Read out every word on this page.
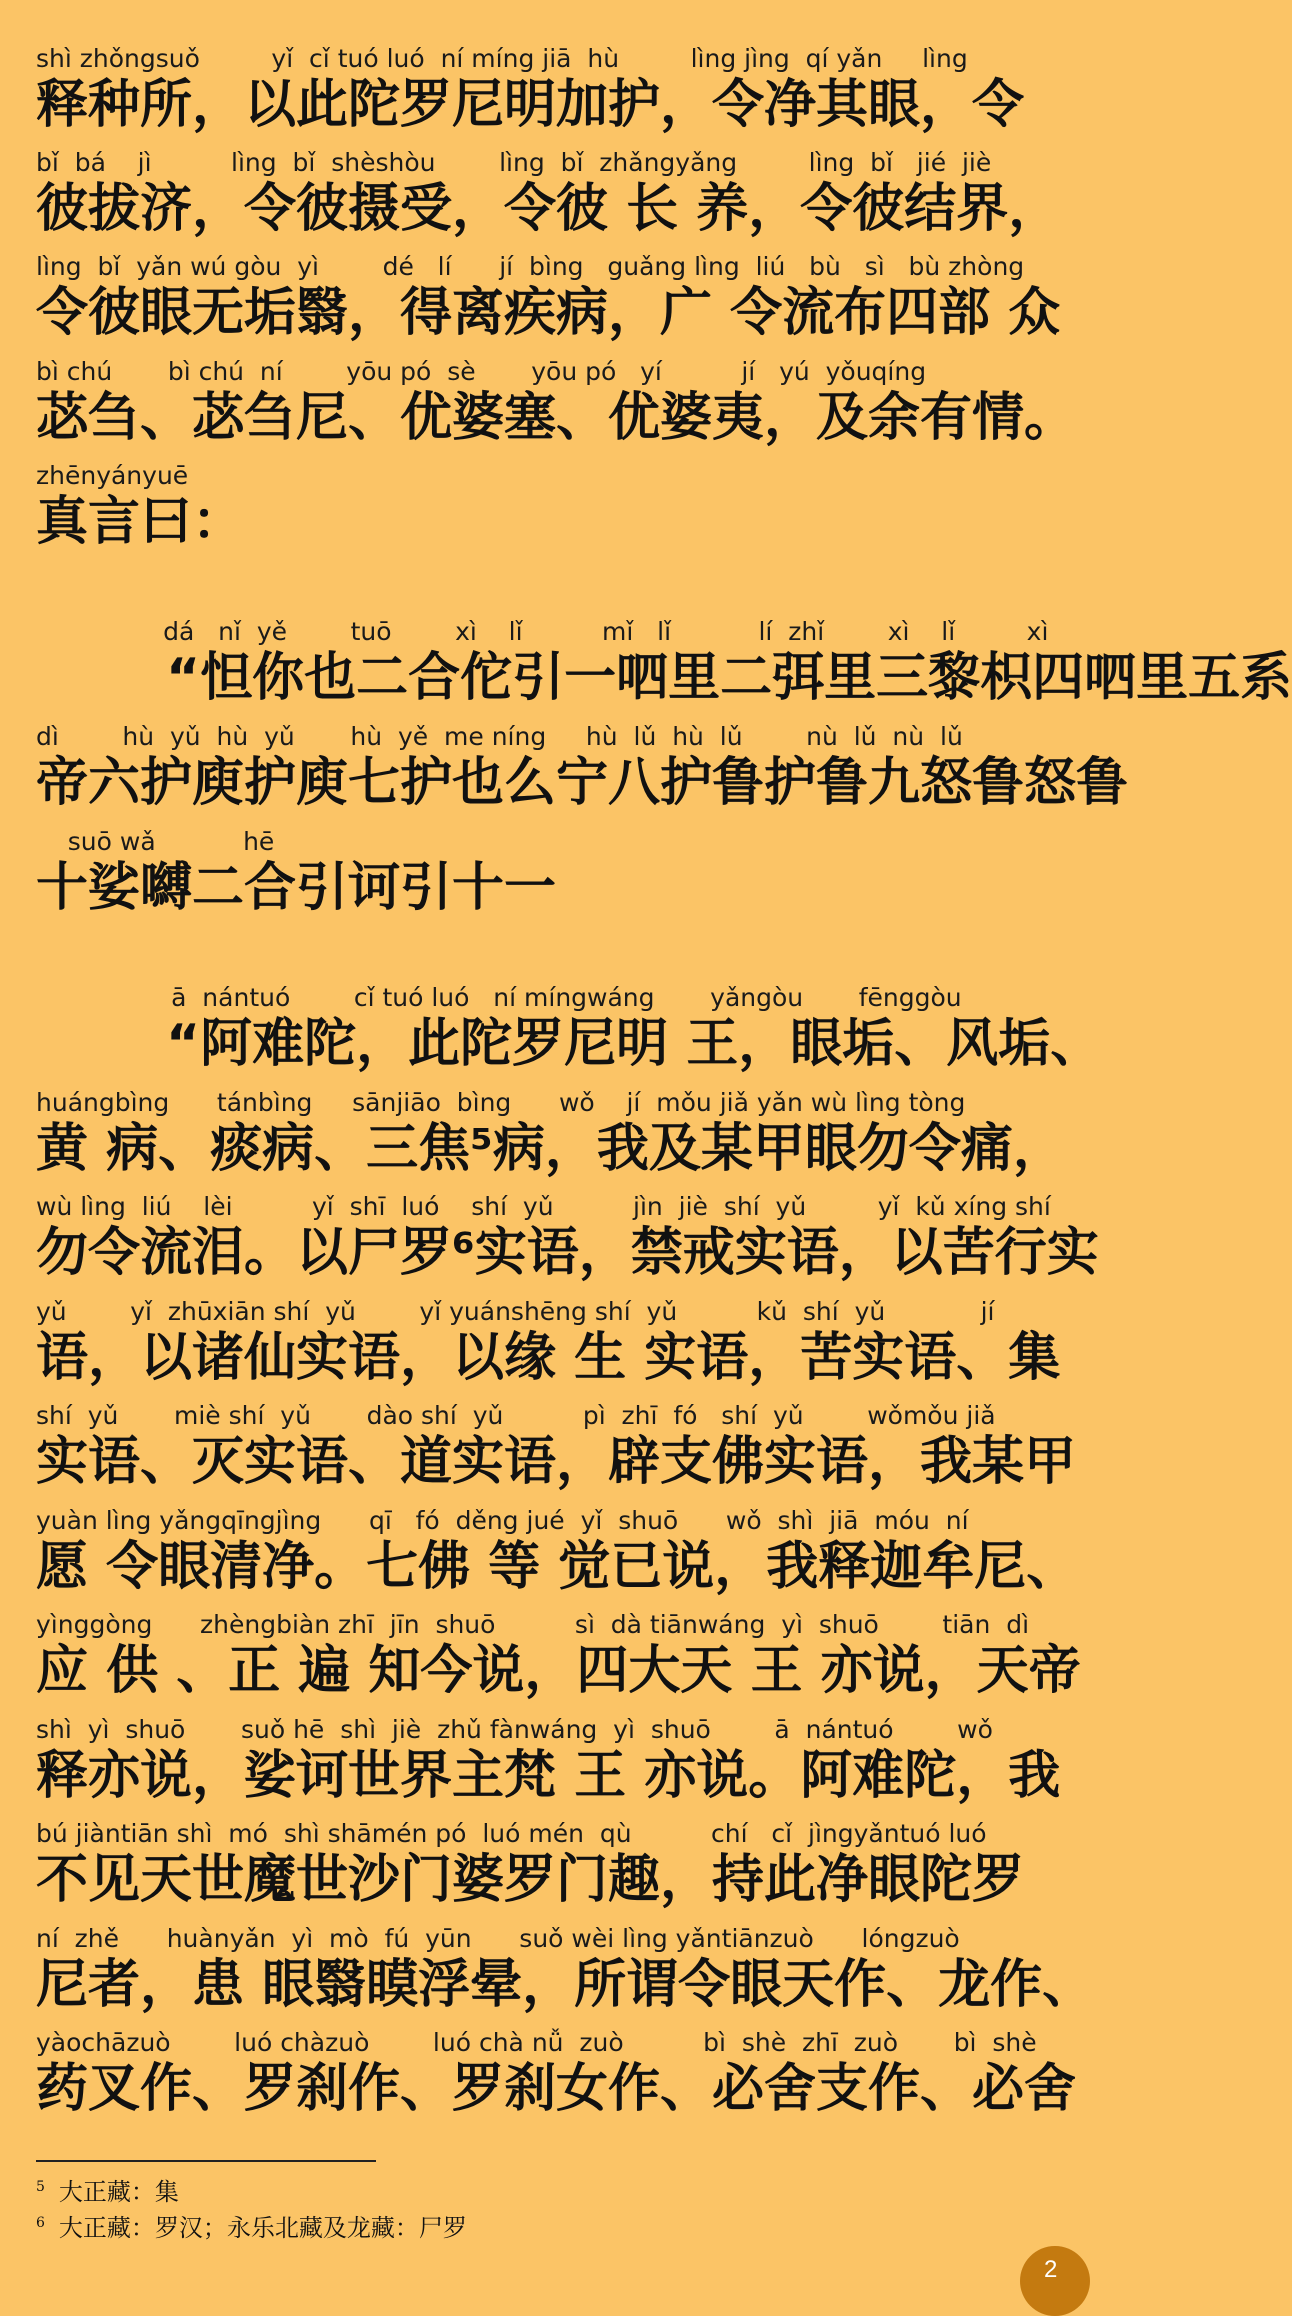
shì zhǒngsuǒ         yǐ  cǐ tuó luó  ní míng jiā  hù         lìng jìng  qí yǎn     lìng
释种所，以此陀罗尼明加护，令净其眼，令
bǐ  bá    jì          lìng  bǐ  shèshòu        lìng  bǐ  zhǎngyǎng         lìng  bǐ   jié  jiè
彼拔济，令彼摄受，令彼 长 养，令彼结界，
lìng  bǐ  yǎn wú gòu  yì        dé   lí      jí  bìng   guǎng lìng  liú   bù   sì   bù zhòng
令彼眼无垢翳，得离疾病，广 令流布四部 众
bì chú       bì chú  ní        yōu pó  sè       yōu pó   yí          jí   yú  yǒuqíng
苾刍、苾刍尼、优婆塞、优婆夷，及余有情。
zhēnyányuē
真言曰：
dá   nǐ  yě        tuō        xì    lǐ          mǐ   lǐ           lí  zhǐ        xì    lǐ         xì
“怛你也二合佗引一呬里二弭里三黎枳四呬里五系
dì        hù  yǔ  hù  yǔ       hù  yě  me níng     hù  lǔ  hù  lǔ        nù  lǔ  nù  lǔ
帝六护庾护庾七护也么宁八护鲁护鲁九怒鲁怒鲁
suō wǎ           hē
十娑嚩二合引诃引十一
ā  nántuó        cǐ tuó luó   ní míngwáng       yǎngòu       fēnggòu
“阿难陀，此陀罗尼明 王，眼垢、风垢、
huángbìng      tánbìng     sānjiāo  bìng      wǒ    jí  mǒu jiǎ yǎn wù lìng tòng
黄 病、痰病、三焦⁵病，我及某甲眼勿令痛，
wù lìng  liú    lèi          yǐ  shī  luó    shí  yǔ          jìn  jiè  shí  yǔ         yǐ  kǔ xíng shí
勿令流泪。以尸罗⁶实语，禁戒实语，以苦行实
yǔ        yǐ  zhūxiān shí  yǔ        yǐ yuánshēng shí  yǔ          kǔ  shí  yǔ            jí
语，以诸仙实语，以缘 生 实语，苦实语、集
shí  yǔ       miè shí  yǔ       dào shí  yǔ          pì  zhī  fó   shí  yǔ        wǒmǒu jiǎ
实语、灭实语、道实语，辟支佛实语，我某甲
yuàn lìng yǎngqīngjìng      qī   fó  děng jué  yǐ  shuō      wǒ  shì  jiā  móu  ní
愿 令眼清净。七佛 等 觉已说，我释迦牟尼、
yìnggòng      zhèngbiàn zhī  jīn  shuō          sì  dà tiānwáng  yì  shuō        tiān  dì
应 供 、正 遍 知今说，四大天 王 亦说，天帝
shì  yì  shuō       suǒ hē  shì  jiè  zhǔ fànwáng  yì  shuō        ā  nántuó        wǒ
释亦说，娑诃世界主梵 王 亦说。阿难陀，我
bú jiàntiān shì  mó  shì shāmén pó  luó mén  qù          chí   cǐ  jìngyǎntuó luó
不见天世魔世沙门婆罗门趣，持此净眼陀罗
ní  zhě      huànyǎn  yì  mò  fú  yūn      suǒ wèi lìng yǎntiānzuò      lóngzuò
尼者，患 眼翳瞙浮晕，所谓令眼天作、龙作、
yàochāzuò        luó chàzuò        luó chà nǚ  zuò          bì  shè  zhī  zuò       bì  shè
药叉作、罗刹作、罗刹女作、必舍支作、必舍
$^5$ 大正藏：集
$^6$ 大正藏：罗汉；永乐北藏及龙藏：尸罗
2
